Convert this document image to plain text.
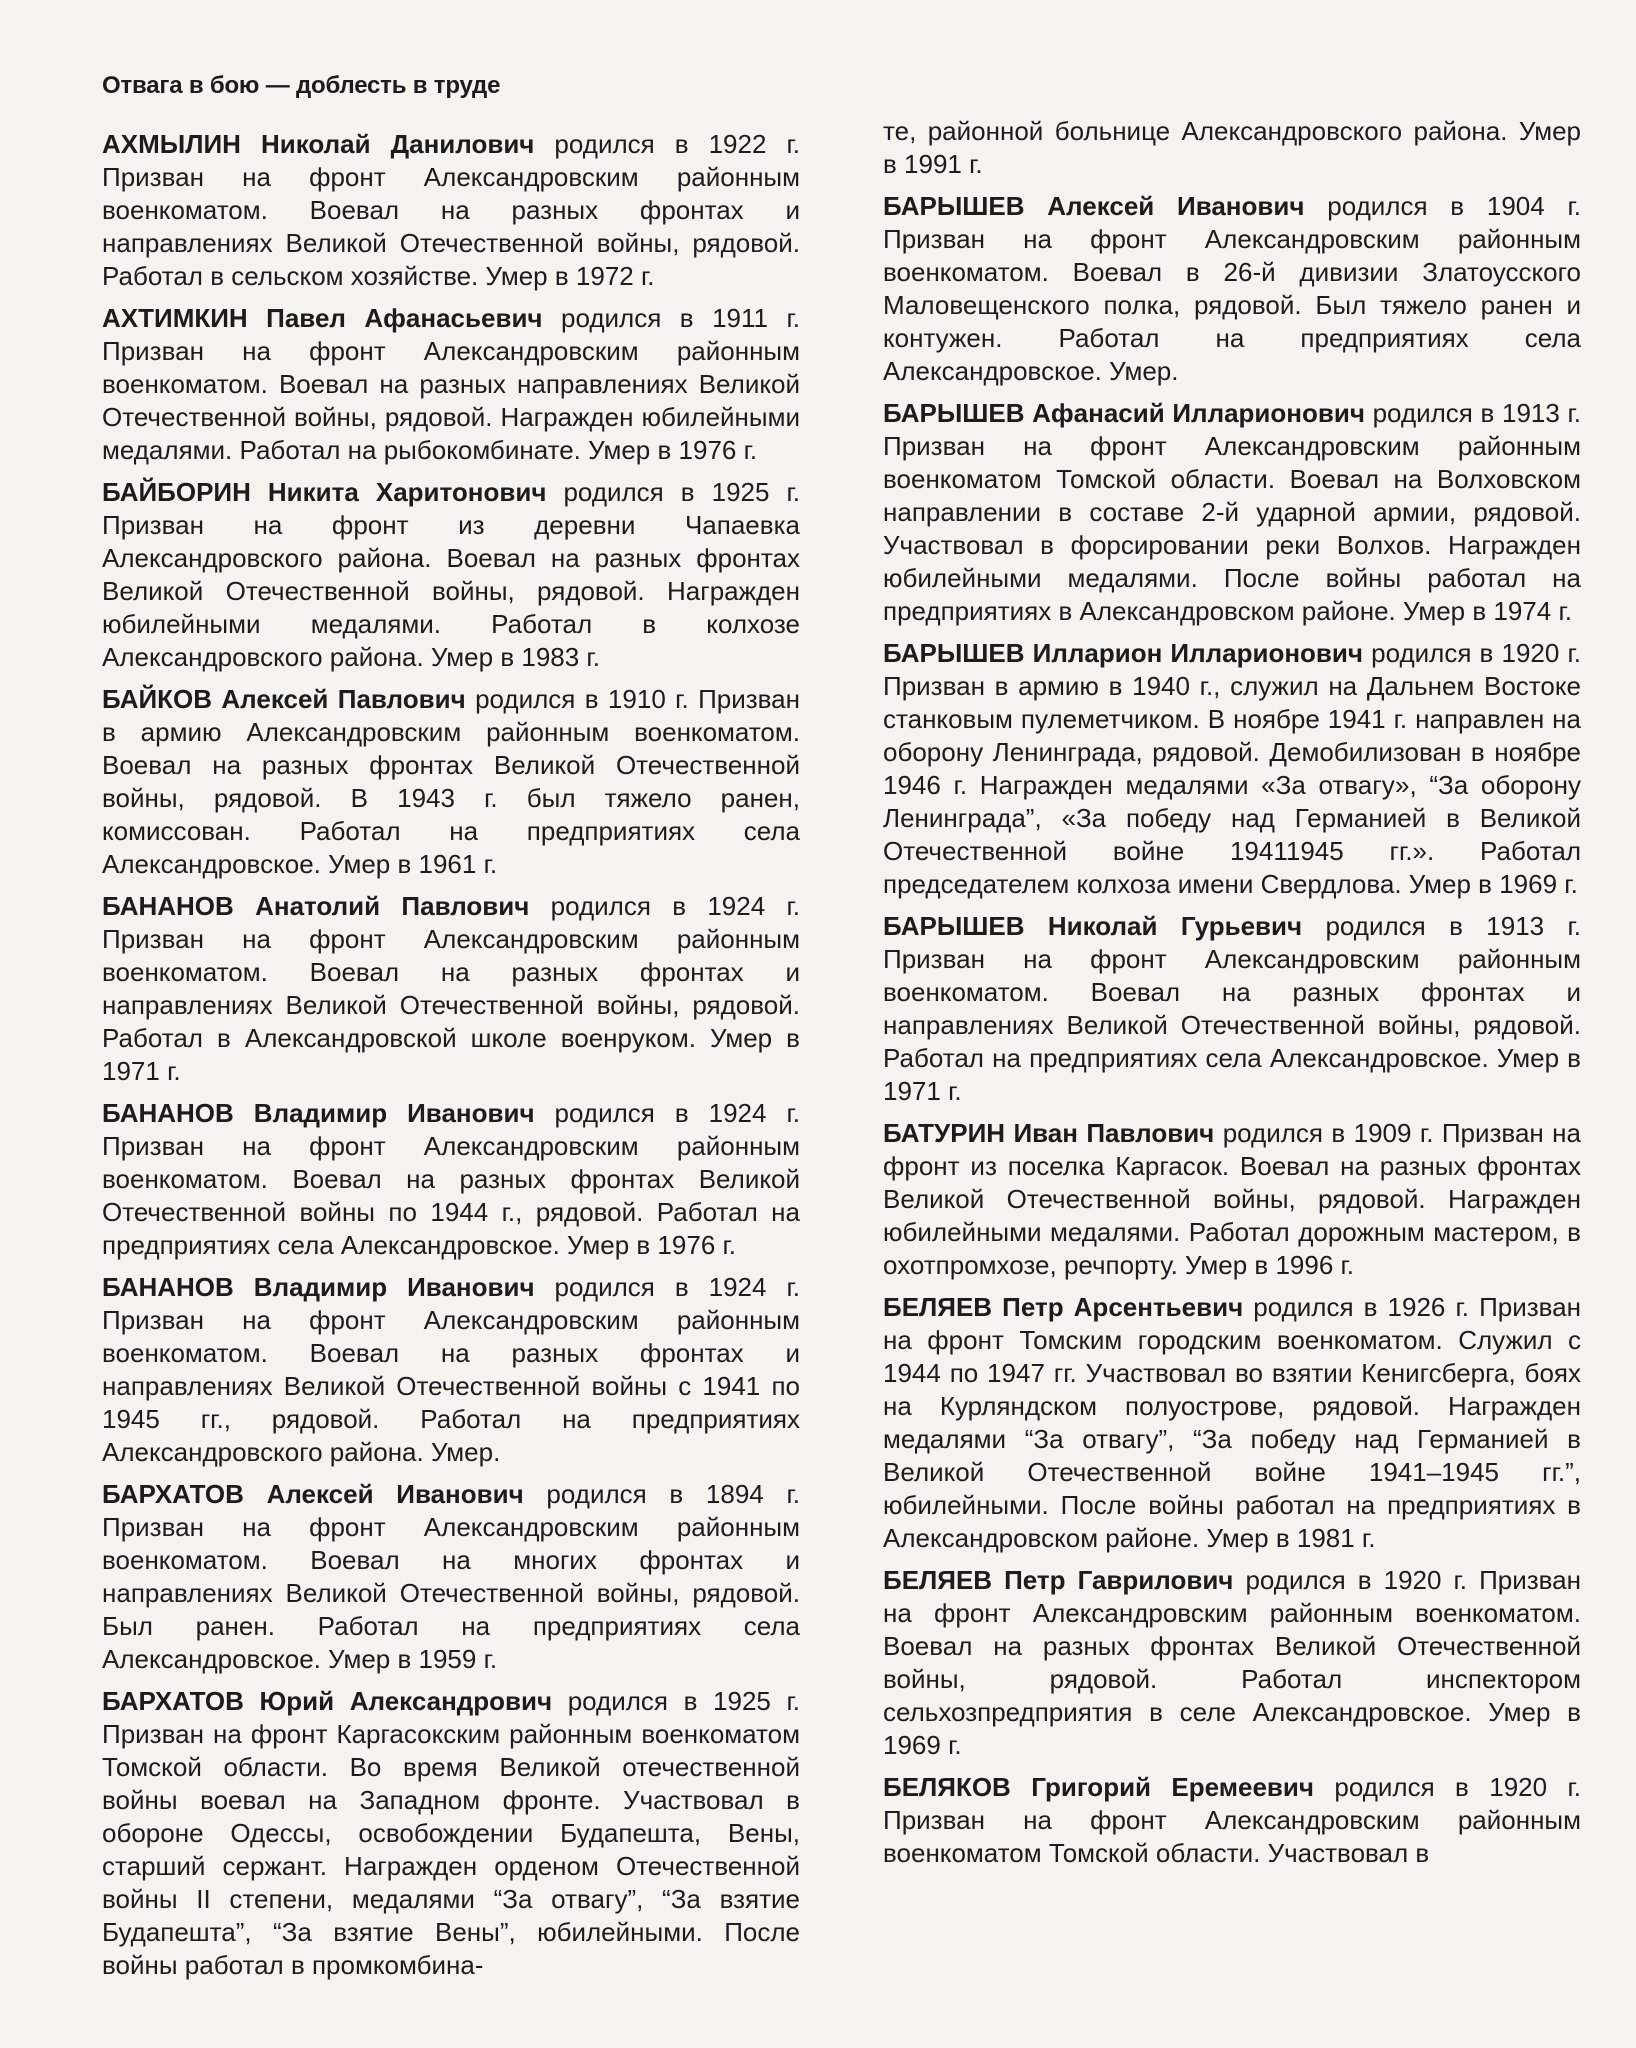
Отвага в бою — доблесть в труде

АХМЫЛИН Николай Данилович родился в 1922 г. Призван на фронт Александровским районным военкоматом. Воевал на разных фронтах и направлениях Великой Отечественной войны, рядовой. Работал в сельском хозяйстве. Умер в 1972 г.

АХТИМКИН Павел Афанасьевич родился в 1911 г. Призван на фронт Александровским районным военкоматом. Воевал на разных направлениях Великой Отечественной войны, рядовой. Награжден юбилейными медалями. Работал на рыбокомбинате. Умер в 1976 г.

БАЙБОРИН Никита Харитонович родился в 1925 г. Призван на фронт из деревни Чапаевка Александровского района. Воевал на разных фронтах Великой Отечественной войны, рядовой. Награжден юбилейными медалями. Работал в колхозе Александровского района. Умер в 1983 г.

БАЙКОВ Алексей Павлович родился в 1910 г. Призван в армию Александровским районным военкоматом. Воевал на разных фронтах Великой Отечественной войны, рядовой. В 1943 г. был тяжело ранен, комиссован. Работал на предприятиях села Александровское. Умер в 1961 г.

БАНАНОВ Анатолий Павлович родился в 1924 г. Призван на фронт Александровским районным военкоматом. Воевал на разных фронтах и направлениях Великой Отечественной войны, рядовой. Работал в Александровской школе военруком. Умер в 1971 г.

БАНАНОВ Владимир Иванович родился в 1924 г. Призван на фронт Александровским районным военкоматом. Воевал на разных фронтах Великой Отечественной войны по 1944 г., рядовой. Работал на предприятиях села Александровское. Умер в 1976 г.

БАНАНОВ Владимир Иванович родился в 1924 г. Призван на фронт Александровским районным военкоматом. Воевал на разных фронтах и направлениях Великой Отечественной войны с 1941 по 1945 гг., рядовой. Работал на предприятиях Александровского района. Умер.

БАРХАТОВ Алексей Иванович родился в 1894 г. Призван на фронт Александровским районным военкоматом. Воевал на многих фронтах и направлениях Великой Отечественной войны, рядовой. Был ранен. Работал на предприятиях села Александровское. Умер в 1959 г.

БАРХАТОВ Юрий Александрович родился в 1925 г. Призван на фронт Каргасокским районным военкоматом Томской области. Во время Великой отечественной войны воевал на Западном фронте. Участвовал в обороне Одессы, освобождении Будапешта, Вены, старший сержант. Награжден орденом Отечественной войны II степени, медалями “За отвагу”, “За взятие Будапешта”, “За взятие Вены”, юбилейными. После войны работал в промкомбина-

те, районной больнице Александровского района. Умер в 1991 г.

БАРЫШЕВ Алексей Иванович родился в 1904 г. Призван на фронт Александровским районным военкоматом. Воевал в 26-й дивизии Златоусского Маловещенского полка, рядовой. Был тяжело ранен и контужен. Работал на предприятиях села Александровское. Умер.

БАРЫШЕВ Афанасий Илларионович родился в 1913 г. Призван на фронт Александровским районным военкоматом Томской области. Воевал на Волховском направлении в составе 2-й ударной армии, рядовой. Участвовал в форсировании реки Волхов. Награжден юбилейными медалями. После войны работал на предприятиях в Александровском районе. Умер в 1974 г.

БАРЫШЕВ Илларион Илларионович родился в 1920 г. Призван в армию в 1940 г., служил на Дальнем Востоке станковым пулеметчиком. В ноябре 1941 г. направлен на оборону Ленинграда, рядовой. Демобилизован в ноябре 1946 г. Награжден медалями «За отвагу», “За оборону Ленинграда”, «За победу над Германией в Великой Отечественной войне 19411945 гг.». Работал председателем колхоза имени Свердлова. Умер в 1969 г.

БАРЫШЕВ Николай Гурьевич родился в 1913 г. Призван на фронт Александровским районным военкоматом. Воевал на разных фронтах и направлениях Великой Отечественной войны, рядовой. Работал на предприятиях села Александровское. Умер в 1971 г.

БАТУРИН Иван Павлович родился в 1909 г. Призван на фронт из поселка Каргасок. Воевал на разных фронтах Великой Отечественной войны, рядовой. Награжден юбилейными медалями. Работал дорожным мастером, в охотпромхозе, речпорту. Умер в 1996 г.

БЕЛЯЕВ Петр Арсентьевич родился в 1926 г. Призван на фронт Томским городским военкоматом. Служил с 1944 по 1947 гг. Участвовал во взятии Кенигсберга, боях на Курляндском полуострове, рядовой. Награжден медалями “За отвагу”, “За победу над Германией в Великой Отечественной войне 1941–1945 гг.”, юбилейными. После войны работал на предприятиях в Александровском районе. Умер в 1981 г.

БЕЛЯЕВ Петр Гаврилович родился в 1920 г. Призван на фронт Александровским районным военкоматом. Воевал на разных фронтах Великой Отечественной войны, рядовой. Работал инспектором сельхозпредприятия в селе Александровское. Умер в 1969 г.

БЕЛЯКОВ Григорий Еремеевич родился в 1920 г. Призван на фронт Александровским районным военкоматом Томской области. Участвовал в
